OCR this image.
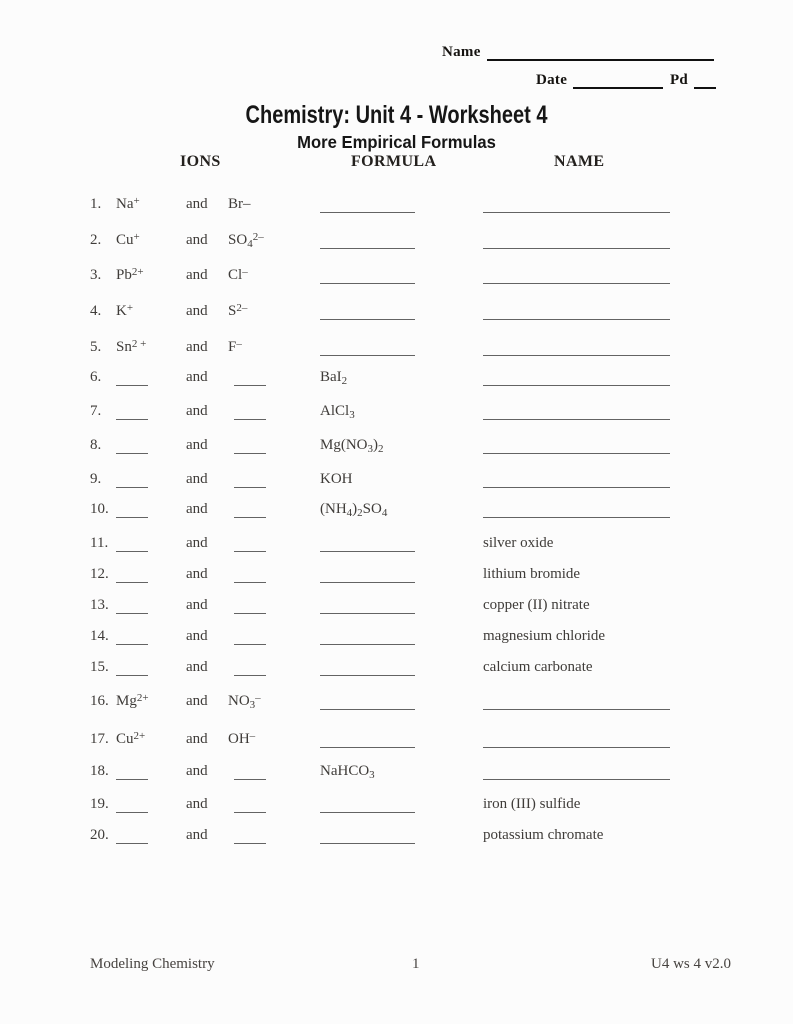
Name
Date	Pd
Chemistry: Unit 4 - Worksheet 4
More Empirical Formulas
IONS	FORMULA	NAME
1. Na+	and Br–
2. Cu+	and $SO_4^{2-}$
3. $Pb^{2+}$	and Cl–
4. K+	and $S^{2-}$
5. $Sn^{2 +}$	and F–
6.	and	BaI$_2$
7.	and	AlCl$_3$
8.	and	$Mg(NO_3)_2$
9.	and	KOH
10.	and	$(NH_4)_2SO_4$
11.	and	silver oxide
12.	and	lithium bromide
13.	and	copper (II) nitrate
14.	and	magnesium chloride
15.	and	calcium carbonate
16. $Mg^{2+}$ and $NO_3^-$
17. $Cu^{2+}$	and OH–
18.	and	NaHCO$_3$
19.	and	iron (III) sulfide
20.	and	potassium chromate
Modeling Chemistry	1	U4 ws 4 v2.0
